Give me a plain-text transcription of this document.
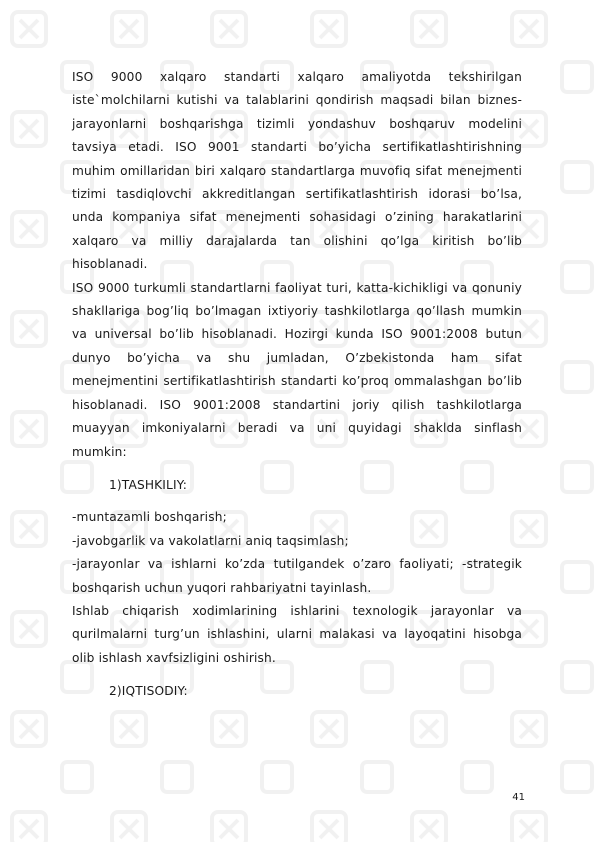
ISO 9000 xalqaro standarti xalqaro amaliyotda tekshirilgan iste`molchilarni kutishi va talablarini qondirish maqsadi bilan biznes-jarayonlarni boshqarishga tizimli yondashuv boshqaruv modelini tavsiya etadi. ISO 9001 standarti bo’yicha sertifikatlashtirishning muhim omillaridan biri xalqaro standartlarga muvofiq sifat menejmenti tizimi tasdiqlovchi akkreditlangan sertifikatlashtirish idorasi bo’lsa, unda kompaniya sifat menejmenti sohasidagi o’zining harakatlarini xalqaro va milliy darajalarda tan olishini qo’lga kiritish bo’lib hisoblanadi.

ISO 9000 turkumli standartlarni faoliyat turi, katta-kichikligi va qonuniy shakllariga bog’liq bo’lmagan ixtiyoriy tashkilotlarga qo’llash mumkin va universal bo’lib hisoblanadi. Hozirgi kunda ISO 9001:2008 butun dunyo bo’yicha va shu jumladan, O’zbekistonda ham sifat menejmentini sertifikatlashtirish standarti ko’proq ommalashgan bo’lib hisoblanadi. ISO 9001:2008 standartini joriy qilish tashkilotlarga muayyan imkoniyalarni beradi va uni quyidagi shaklda sinflash mumkin:

1)TASHKILIY:

-muntazamli boshqarish;

-javobgarlik va vakolatlarni aniq taqsimlash;

-jarayonlar va ishlarni ko’zda tutilgandek o’zaro faoliyati; -strategik boshqarish uchun yuqori rahbariyatni tayinlash.

Ishlab chiqarish xodimlarining ishlarini texnologik jarayonlar va qurilmalarni turg’un ishlashini, ularni malakasi va layoqatini hisobga olib ishlash xavfsizligini oshirish.

2)IQTISODIY:

41
